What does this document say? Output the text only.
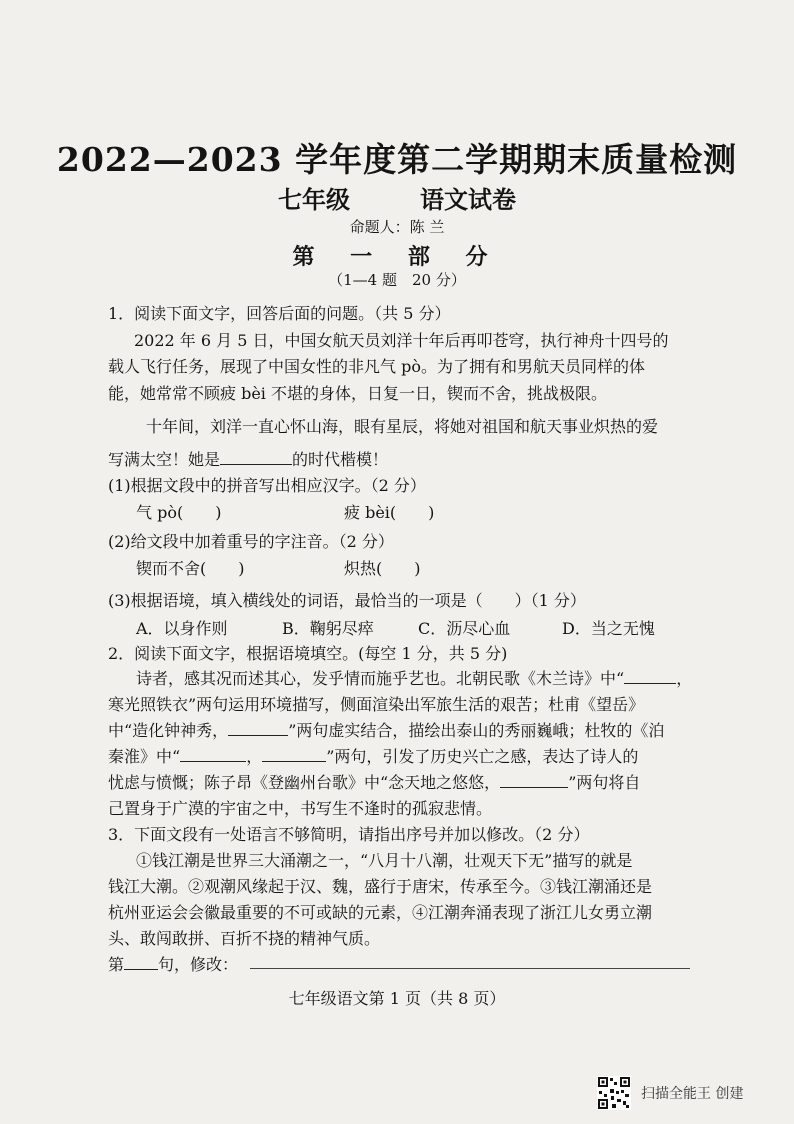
2022—2023 学年度第二学期期末质量检测
七年级	语文试卷
命题人：陈 兰
第 一 部 分
（1—4 题　20 分）
1．阅读下面文字，回答后面的问题。（共 5 分）
2022 年 6 月 5 日，中国女航天员刘洋十年后再叩苍穹，执行神舟十四号的
载人飞行任务，展现了中国女性的非凡气 pò。为了拥有和男航天员同样的体
能，她常常不顾疲 bèi 不堪的身体，日复一日，锲而不舍，挑战极限。
十年间，刘洋一直心怀山海，眼有星辰，将她对祖国和航天事业炽热的爱
写满太空！她是	的时代楷模！
(1)根据文段中的拼音写出相应汉字。（2 分）
气 pò(　　)	疲 bèi(　　)
(2)给文段中加着重号的字注音。（2 分）
锲而不舍(　　)	炽热(　　)
(3)根据语境，填入横线处的词语，最恰当的一项是（　　）（1 分）
A．以身作则	B．鞠躬尽瘁	C．沥尽心血	D．当之无愧
2．阅读下面文字，根据语境填空。(每空 1 分，共 5 分)
诗者，感其况而述其心，发乎情而施乎艺也。北朝民歌《木兰诗》中“	，
寒光照铁衣”两句运用环境描写，侧面渲染出军旅生活的艰苦；杜甫《望岳》
中“造化钟神秀，	”两句虚实结合，描绘出泰山的秀丽巍峨；杜牧的《泊
秦淮》中“	，	”两句，引发了历史兴亡之感，表达了诗人的
忧虑与愤慨；陈子昂《登幽州台歌》中“念天地之悠悠，	”两句将自
己置身于广漠的宇宙之中，书写生不逢时的孤寂悲情。
3．下面文段有一处语言不够简明，请指出序号并加以修改。（2 分）
①钱江潮是世界三大涌潮之一，“八月十八潮，壮观天下无”描写的就是
钱江大潮。②观潮风缘起于汉、魏，盛行于唐宋，传承至今。③钱江潮涌还是
杭州亚运会会徽最重要的不可或缺的元素，④江潮奔涌表现了浙江儿女勇立潮
头、敢闯敢拼、百折不挠的精神气质。
第 句，修改：
七年级语文第 1 页（共 8 页）
扫描全能王 创建
